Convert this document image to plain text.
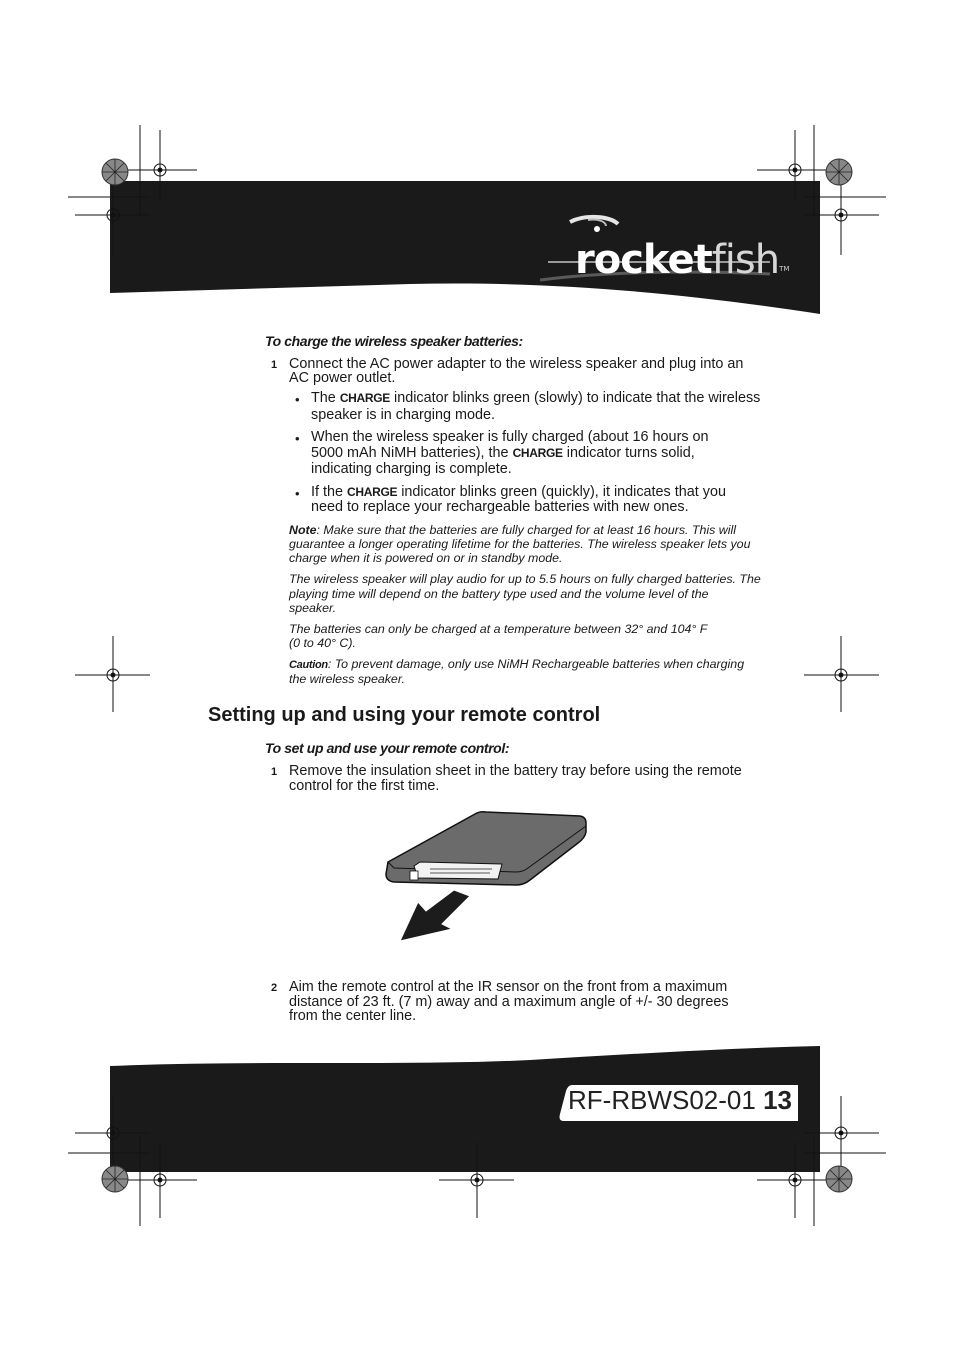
rocketfishTM
To charge the wireless speaker batteries:
1 Connect the AC power adapter to the wireless speaker and plug into an
AC power outlet.
• The CHARGE indicator blinks green (slowly) to indicate that the wireless
speaker is in charging mode.
• When the wireless speaker is fully charged (about 16 hours on
5000 mAh NiMH batteries), the CHARGE indicator turns solid,
indicating charging is complete.
• If the CHARGE indicator blinks green (quickly), it indicates that you
need to replace your rechargeable batteries with new ones.
Note: Make sure that the batteries are fully charged for at least 16 hours. This will
guarantee a longer operating lifetime for the batteries. The wireless speaker lets you
charge when it is powered on or in standby mode.
The wireless speaker will play audio for up to 5.5 hours on fully charged batteries. The
playing time will depend on the battery type used and the volume level of the
speaker.
The batteries can only be charged at a temperature between 32° and 104° F
(0 to 40° C).
Caution: To prevent damage, only use NiMH Rechargeable batteries when charging
the wireless speaker.
Setting up and using your remote control
To set up and use your remote control:
1 Remove the insulation sheet in the battery tray before using the remote
control for the first time.
2 Aim the remote control at the IR sensor on the front from a maximum
distance of 23 ft. (7 m) away and a maximum angle of +/- 30 degrees
from the center line.
RF-RBWS02-01 13
